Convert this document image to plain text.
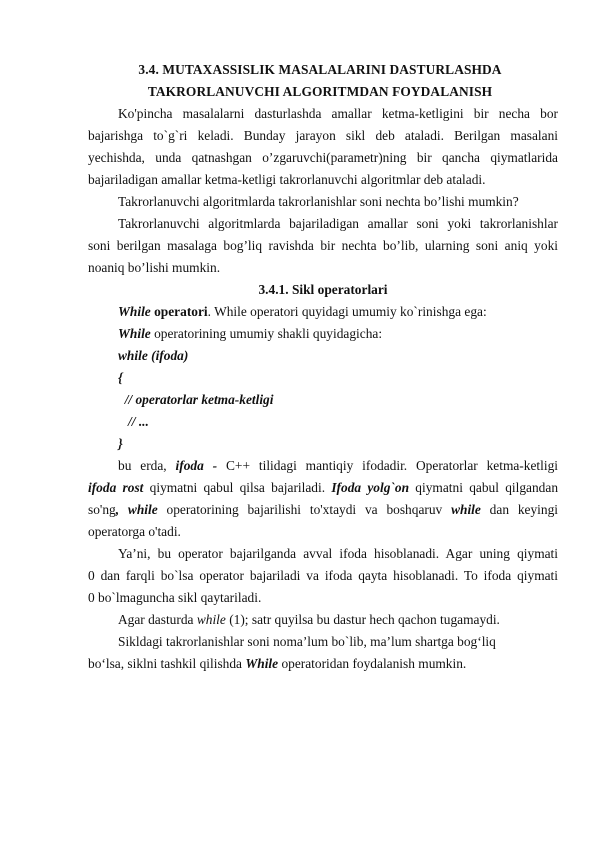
3.4. MUTAXASSISLIK MASALALARINI DASTURLASHDA
TAKRORLANUVCHI ALGORITMDAN FOYDALANISH
Ko'pincha masalalarni dasturlashda amallar ketma-ketligini bir necha bor
bajarishga to`g`ri keladi. Bunday jarayon sikl deb ataladi. Berilgan masalani
yechishda, unda qatnashgan o’zgaruvchi(parametr)ning bir qancha qiymatlarida
bajariladigan amallar ketma-ketligi takrorlanuvchi algoritmlar deb ataladi.
Takrorlanuvchi algoritmlarda takrorlanishlar soni nechta bo’lishi mumkin?
Takrorlanuvchi algoritmlarda bajariladigan amallar soni yoki takrorlanishlar
soni berilgan masalaga bog’liq ravishda bir nechta bo’lib, ularning soni aniq yoki
noaniq bo’lishi mumkin.
3.4.1. Sikl operatorlari
While operatori. While operatori quyidagi umumiy ko`rinishga ega:
While operatorining umumiy shakli quyidagicha:
while (ifoda)
{
// operatorlar ketma-ketligi
// ...
}
bu erda, ifoda - C++ tilidagi mantiqiy ifodadir. Operatorlar ketma-ketligi
ifoda rost qiymatni qabul qilsa bajariladi. Ifoda yolg`on qiymatni qabul qilgandan
so'ng, while operatorining bajarilishi to'xtaydi va boshqaruv while dan keyingi
operatorga o'tadi.
Ya’ni, bu operator bajarilganda avval ifoda hisoblanadi. Agar uning qiymati
0 dan farqli bo`lsa operator bajariladi va ifoda qayta hisoblanadi. To ifoda qiymati
0 bo`lmaguncha sikl qaytariladi.
Agar dasturda while (1); satr quyilsa bu dastur hech qachon tugamaydi.
Sikldagi takrorlanishlar soni noma’lum bo`lib, ma’lum shartga bog‘liq
bo‘lsa, siklni tashkil qilishda While operatoridan foydalanish mumkin.
